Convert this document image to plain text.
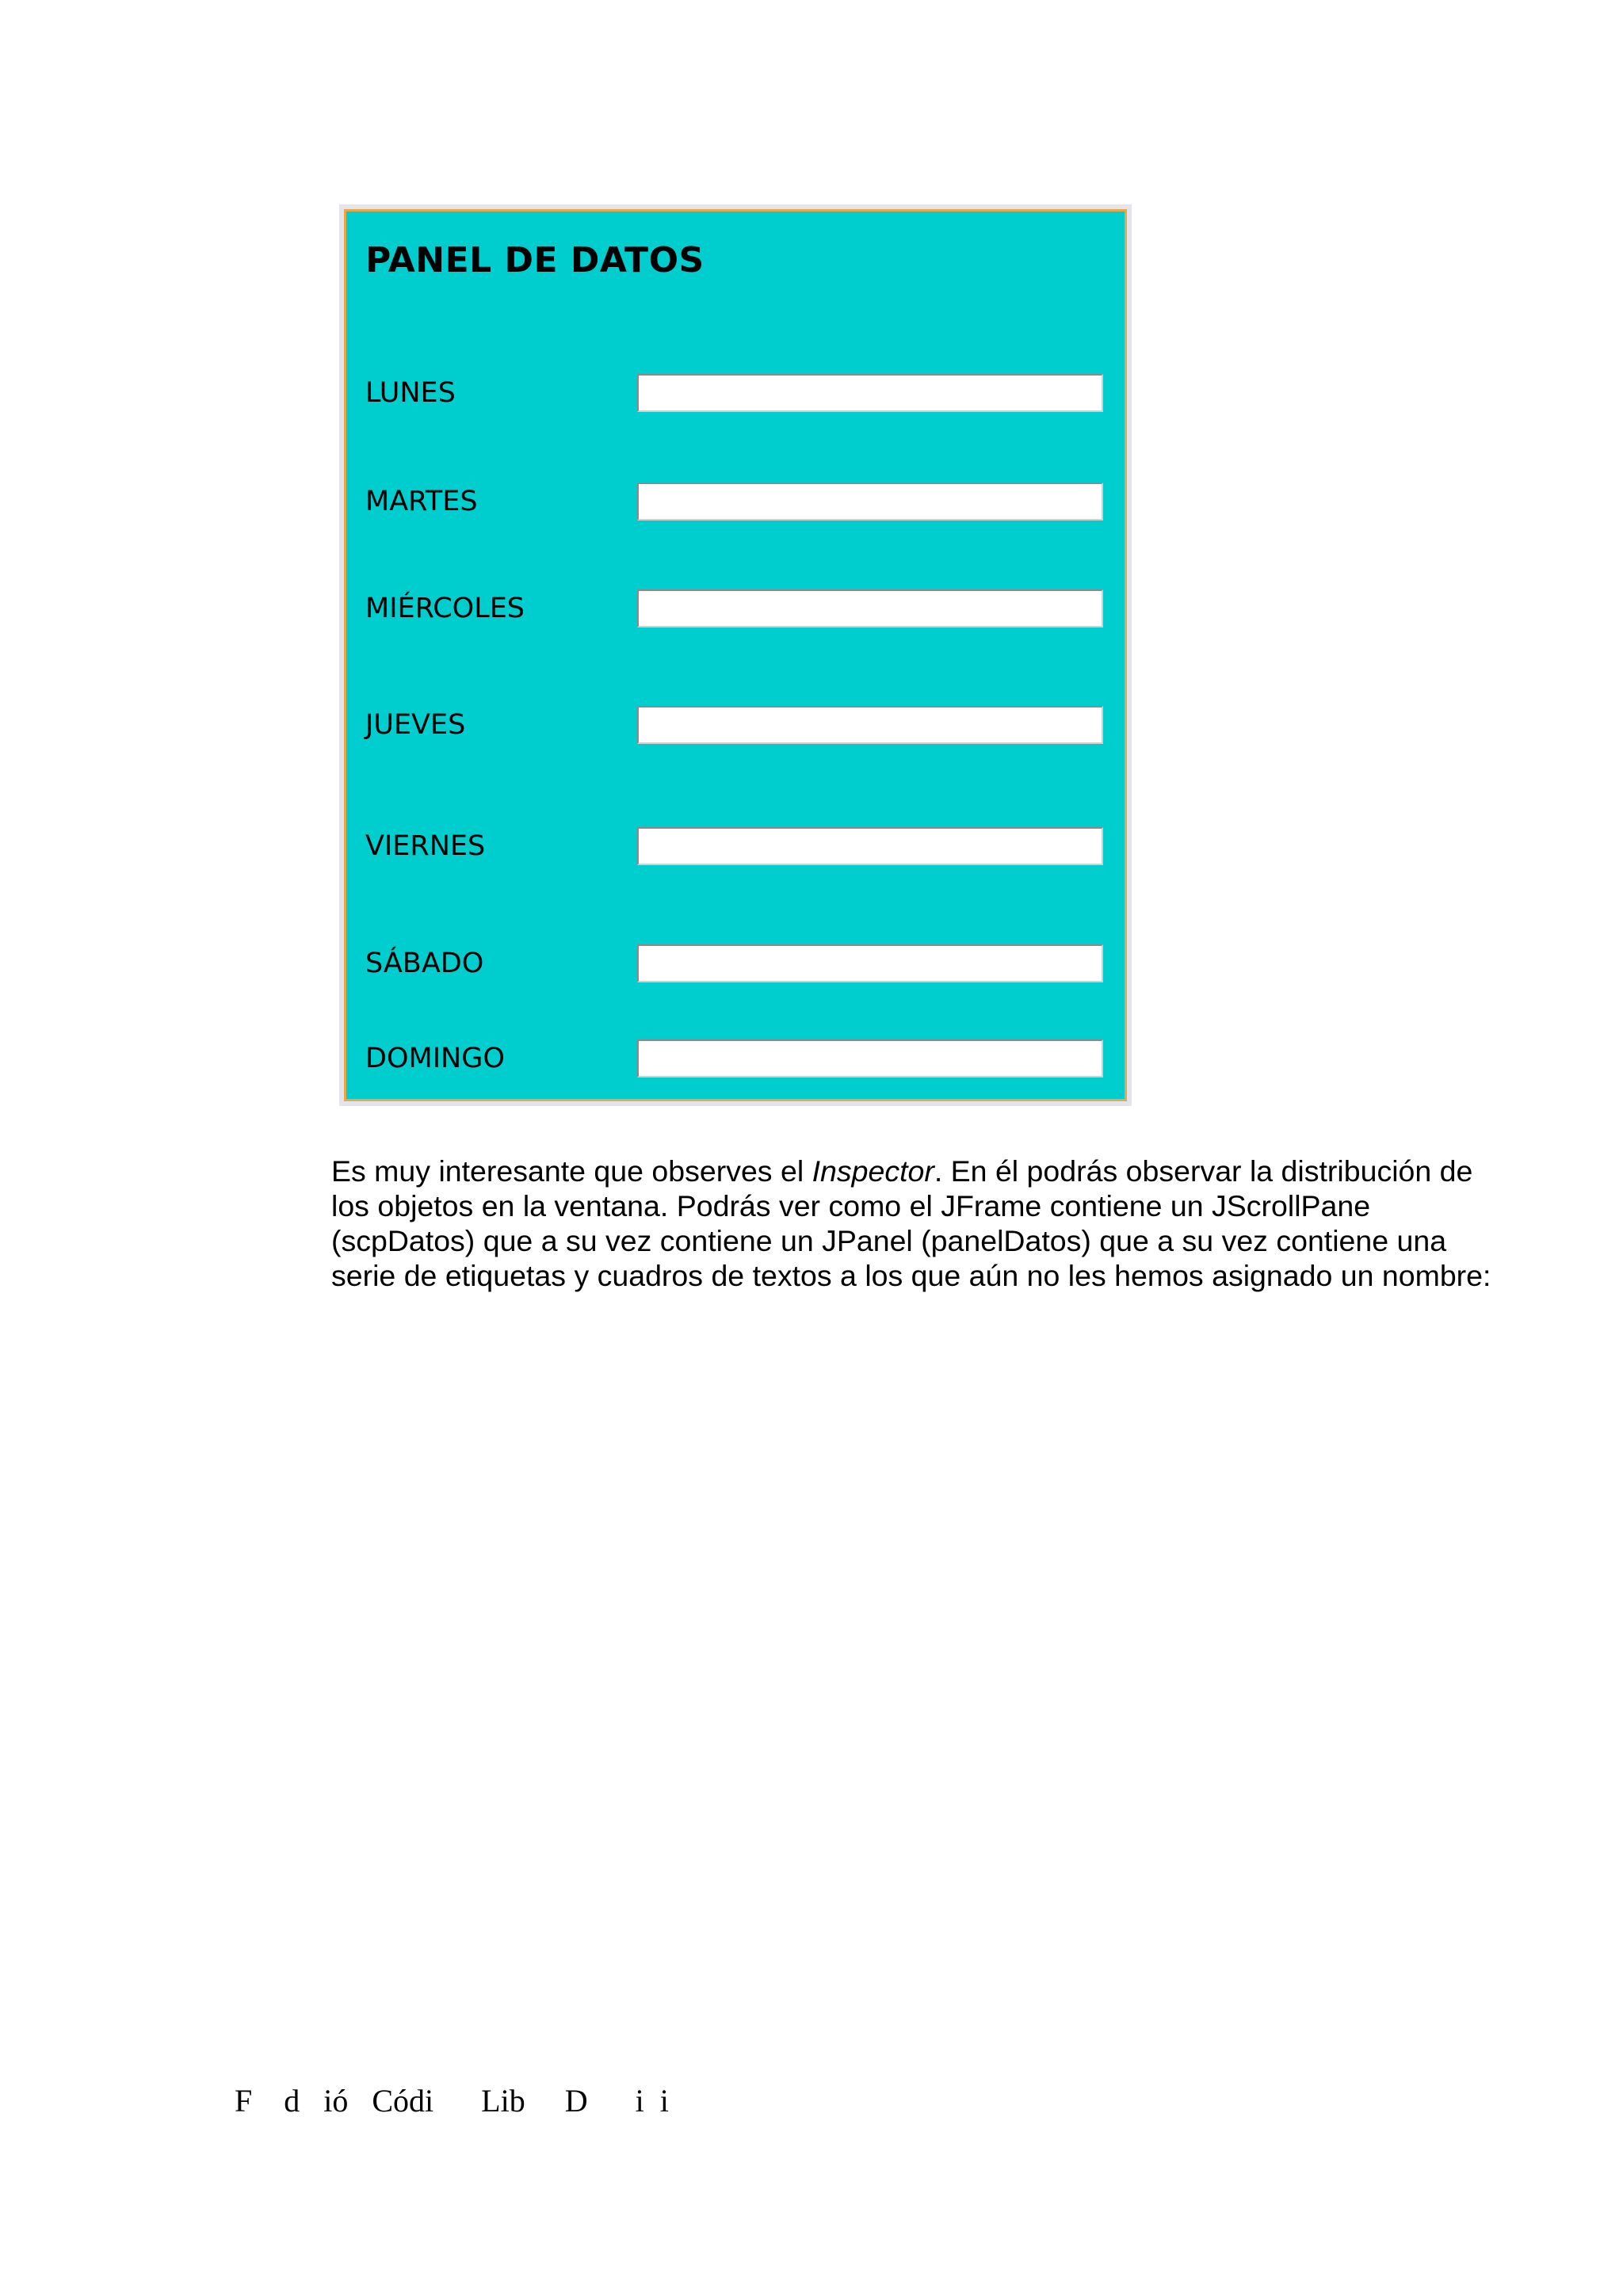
PANEL DE DATOS
LUNES
MARTES
MIÉRCOLES
JUEVES
VIERNES
SÁBADO
DOMINGO

Es muy interesante que observes el Inspector. En él podrás observar la distribución de los objetos en la ventana. Podrás ver como el JFrame contiene un JScrollPane (scpDatos) que a su vez contiene un JPanel (panelDatos) que a su vez contiene una serie de etiquetas y cuadros de textos a los que aún no les hemos asignado un nombre:

F    d   ió   Códi      Lib     D      i  i
